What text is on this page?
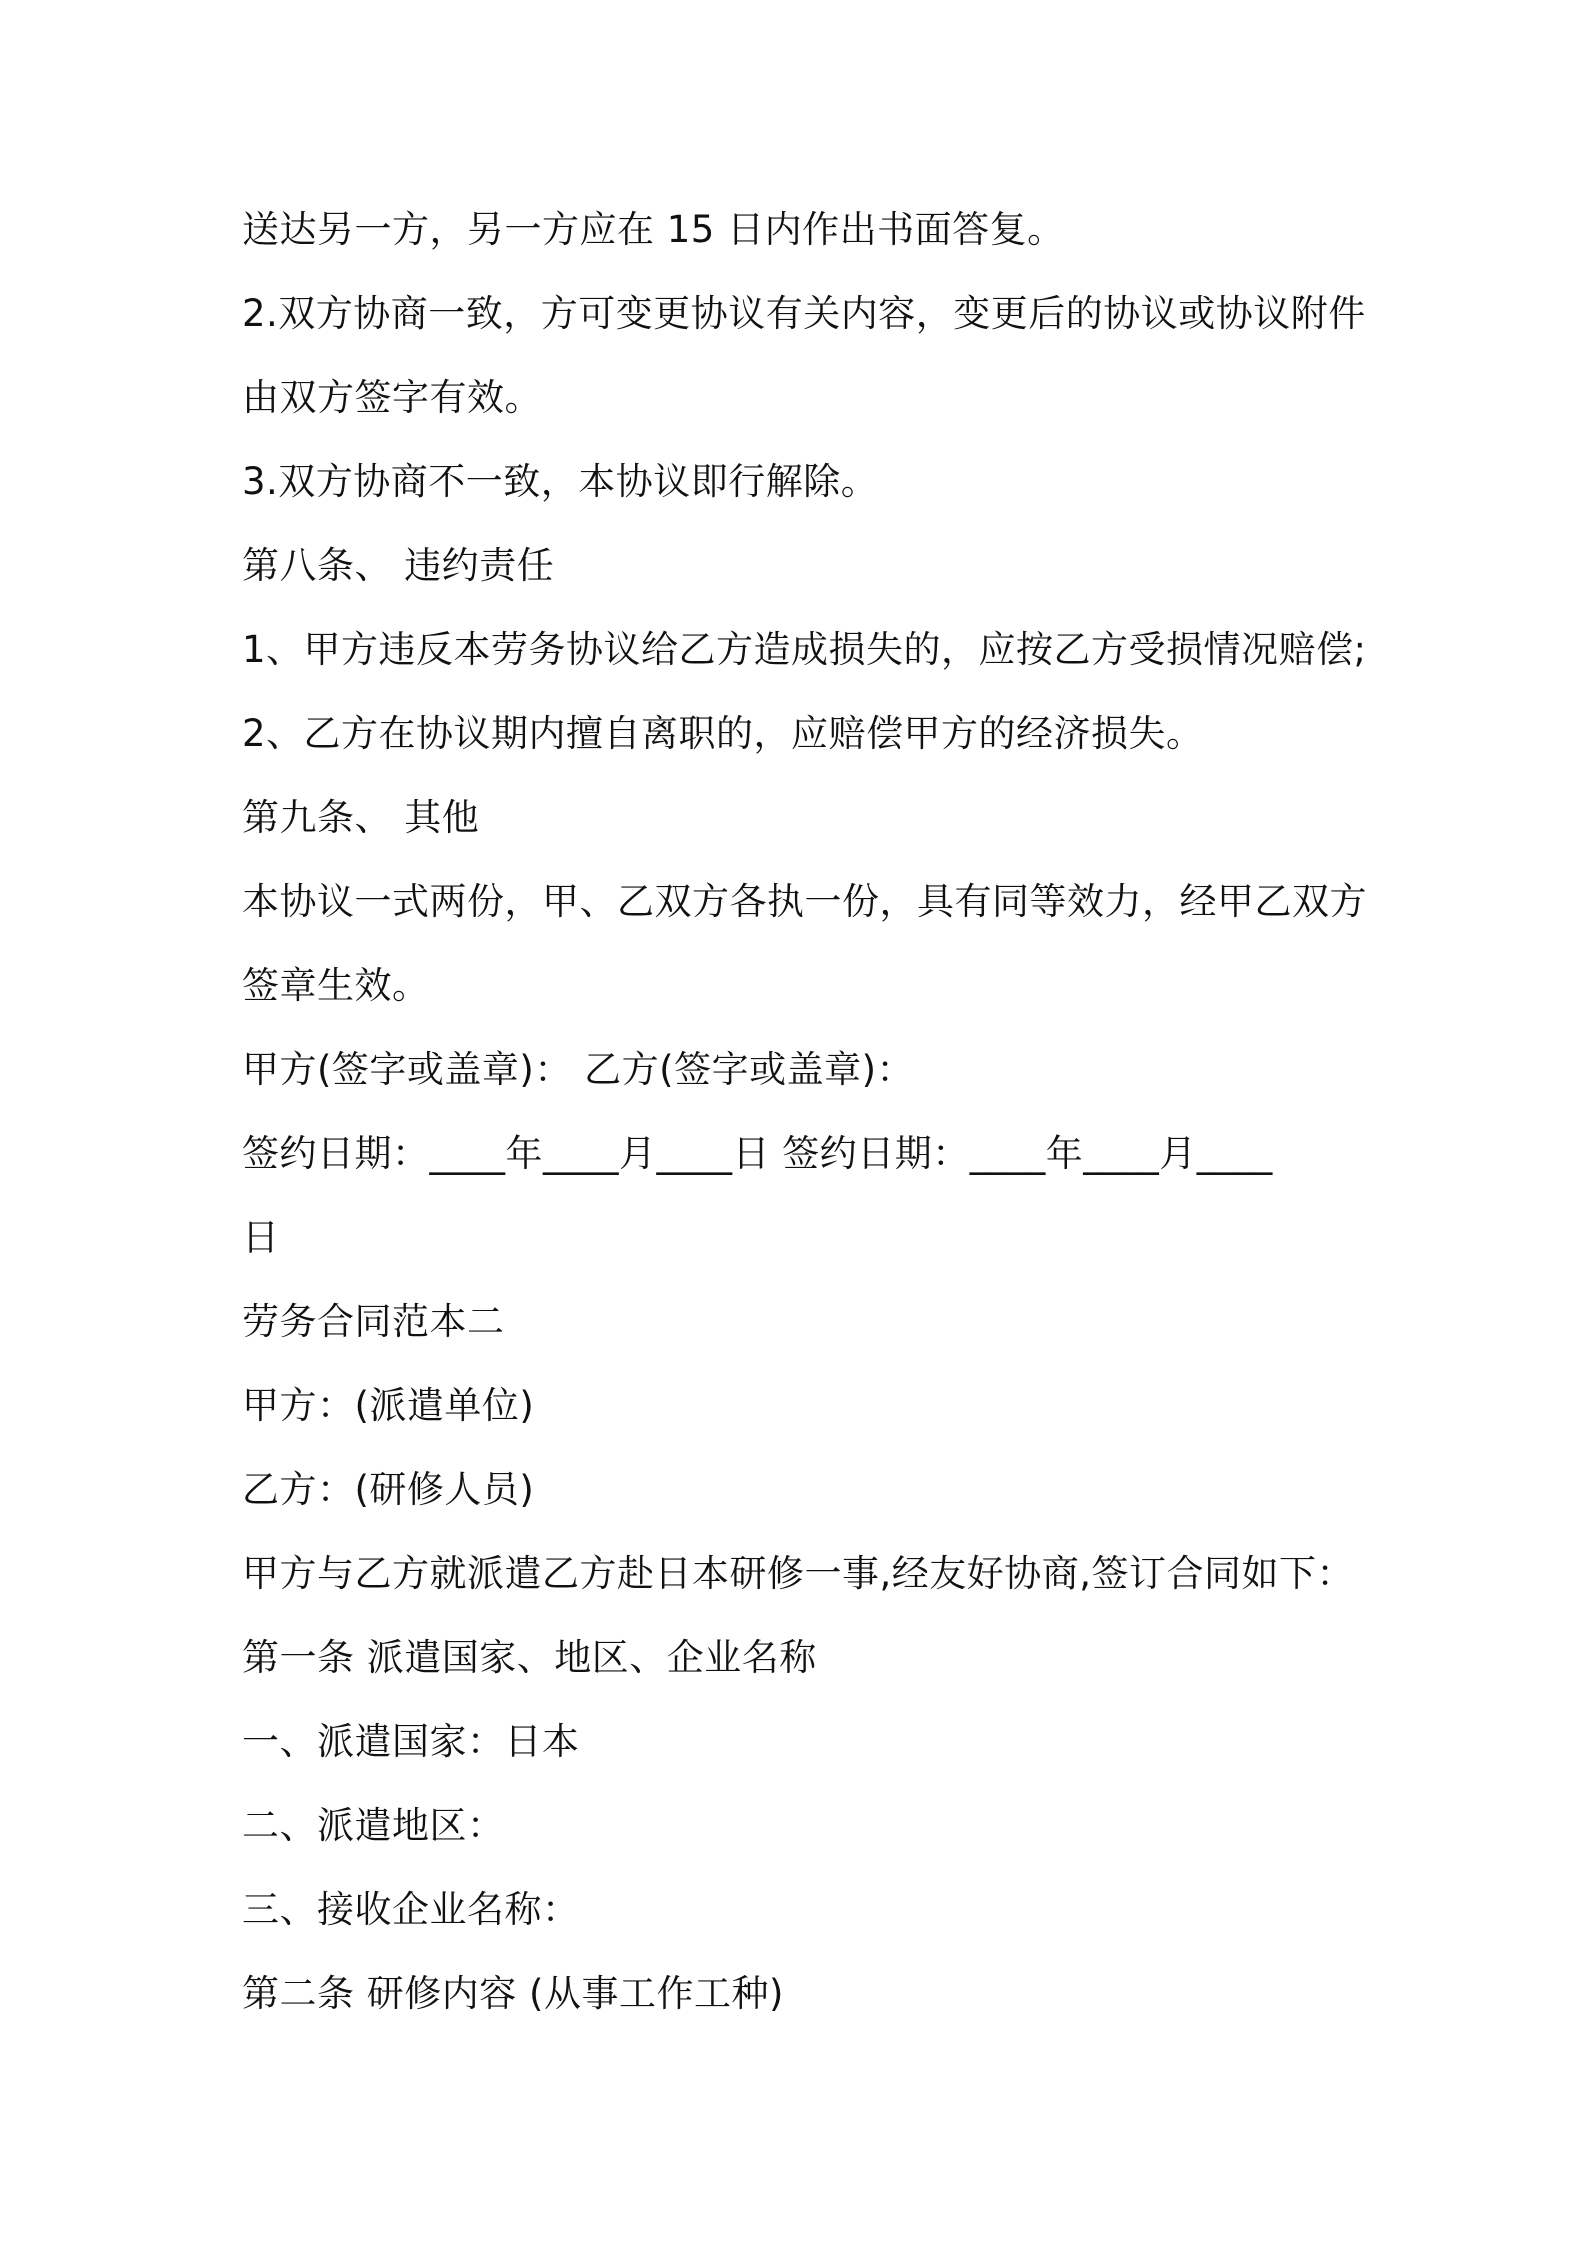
送达另一方，另一方应在 15 日内作出书面答复。
2.双方协商一致，方可变更协议有关内容，变更后的协议或协议附件
由双方签字有效。
3.双方协商不一致，本协议即行解除。
第八条、 违约责任
1、甲方违反本劳务协议给乙方造成损失的，应按乙方受损情况赔偿;
2、乙方在协议期内擅自离职的，应赔偿甲方的经济损失。
第九条、 其他
本协议一式两份，甲、乙双方各执一份，具有同等效力，经甲乙双方
签章生效。
甲方(签字或盖章)： 乙方(签字或盖章)：
签约日期：____年____月____日 签约日期：____年____月____
日
劳务合同范本二
甲方：(派遣单位)
乙方：(研修人员)
甲方与乙方就派遣乙方赴日本研修一事,经友好协商,签订合同如下：
第一条 派遣国家、地区、企业名称
一、派遣国家：日本
二、派遣地区：
三、接收企业名称：
第二条 研修内容 (从事工作工种)
